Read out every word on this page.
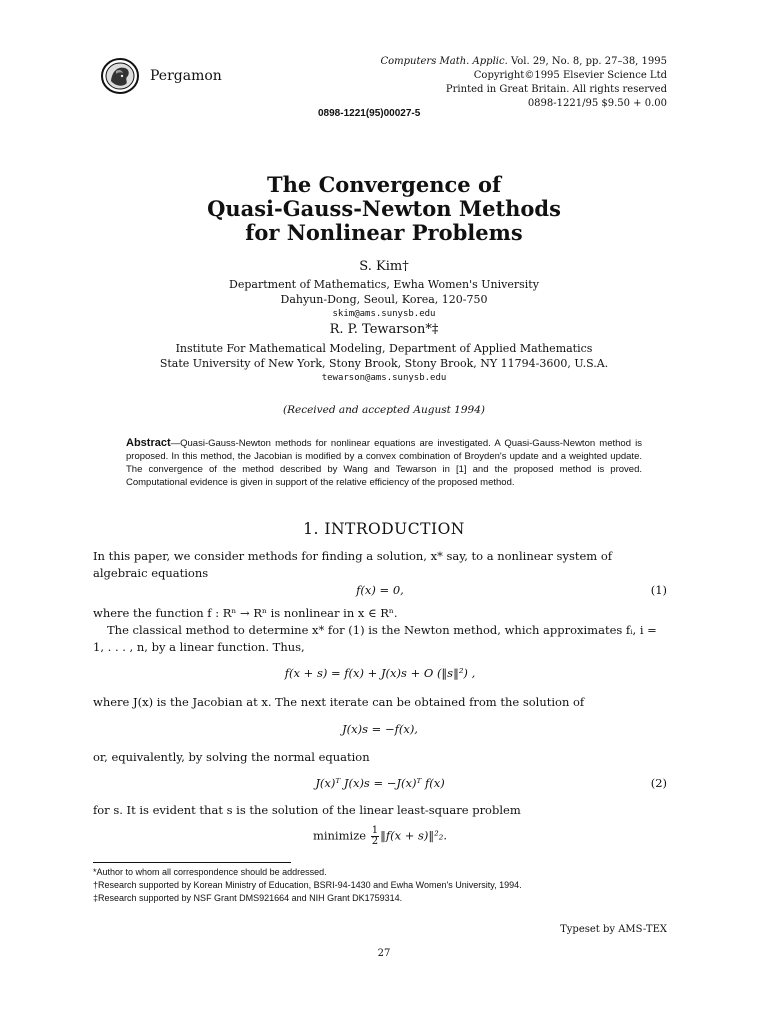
Pergamon
Computers Math. Applic. Vol. 29, No. 8, pp. 27–38, 1995
Copyright©1995 Elsevier Science Ltd
Printed in Great Britain. All rights reserved
0898-1221/95 $9.50 + 0.00
0898-1221(95)00027-5
The Convergence of
Quasi-Gauss-Newton Methods
for Nonlinear Problems
S. Kim†
Department of Mathematics, Ewha Women's University
Dahyun-Dong, Seoul, Korea, 120-750
skim@ams.sunysb.edu
R. P. Tewarson*‡
Institute For Mathematical Modeling, Department of Applied Mathematics
State University of New York, Stony Brook, Stony Brook, NY 11794-3600, U.S.A.
tewarson@ams.sunysb.edu
(Received and accepted August 1994)
Abstract—Quasi-Gauss-Newton methods for nonlinear equations are investigated. A Quasi-Gauss-Newton method is proposed. In this method, the Jacobian is modified by a convex combination of Broyden's update and a weighted update. The convergence of the method described by Wang and Tewarson in [1] and the proposed method is proved. Computational evidence is given in support of the relative efficiency of the proposed method.
1. INTRODUCTION
In this paper, we consider methods for finding a solution, x* say, to a nonlinear system of algebraic equations
f(x) = 0,	(1)
where the function f : Rⁿ → Rⁿ is nonlinear in x ∈ Rⁿ.
The classical method to determine x* for (1) is the Newton method, which approximates fᵢ, i = 1, . . . , n, by a linear function. Thus,
f(x + s) = f(x) + J(x)s + O (‖s‖²) ,
where J(x) is the Jacobian at x. The next iterate can be obtained from the solution of
J(x)s = −f(x),
or, equivalently, by solving the normal equation
J(x)ᵀ J(x)s = −J(x)ᵀ f(x)	(2)
for s. It is evident that s is the solution of the linear least-square problem
minimize $\frac{1}{2}$ ‖f(x + s)‖²₂.
*Author to whom all correspondence should be addressed.
†Research supported by Korean Ministry of Education, BSRI-94-1430 and Ewha Women's University, 1994.
‡Research supported by NSF Grant DMS921664 and NIH Grant DK1759314.
Typeset by AMS-TEX
27
